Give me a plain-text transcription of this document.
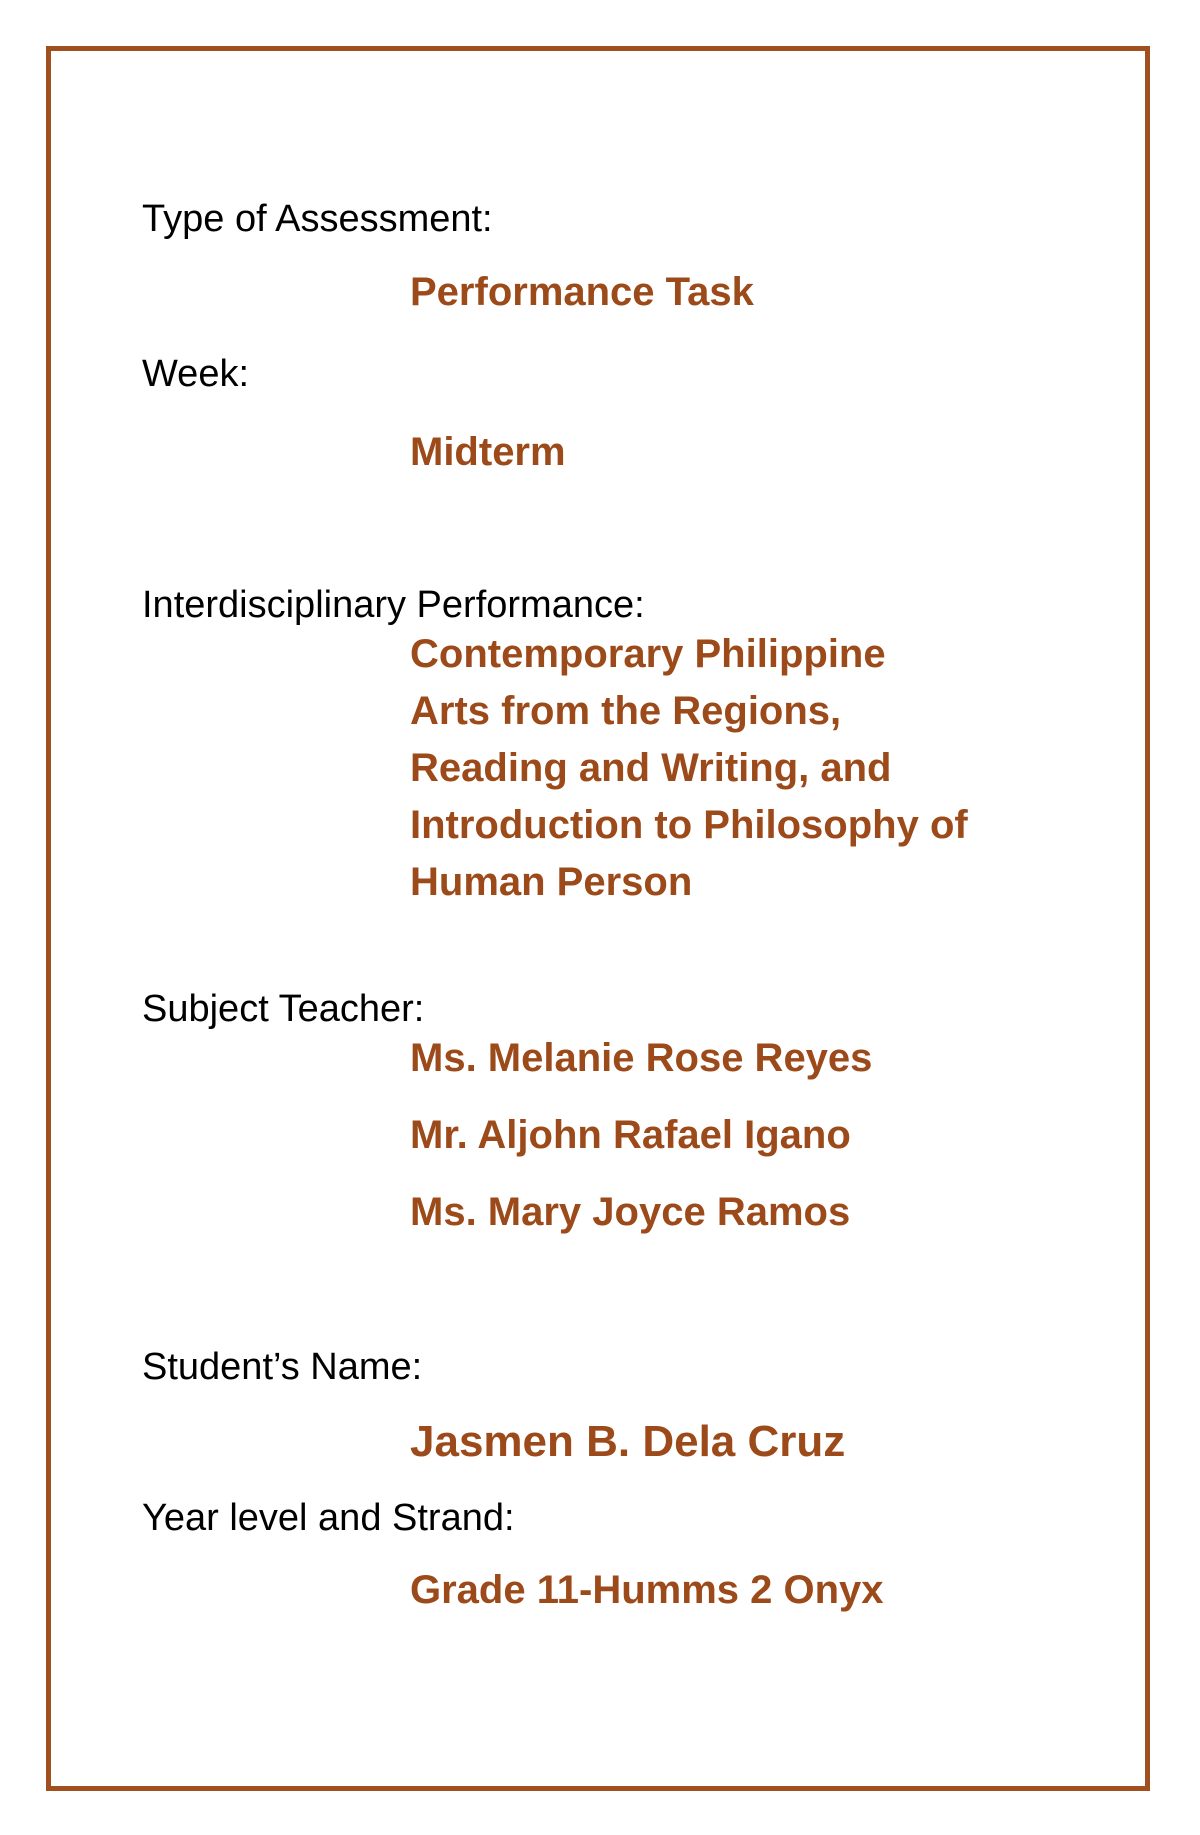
Type of Assessment:
Performance Task
Week:
Midterm
Interdisciplinary Performance:
Contemporary Philippine
Arts from the Regions,
Reading and Writing, and
Introduction to Philosophy of
Human Person
Subject Teacher:
Ms. Melanie Rose Reyes
Mr. Aljohn Rafael Igano
Ms. Mary Joyce Ramos
Student’s Name:
Jasmen B. Dela Cruz
Year level and Strand:
Grade 11-Humms 2 Onyx
